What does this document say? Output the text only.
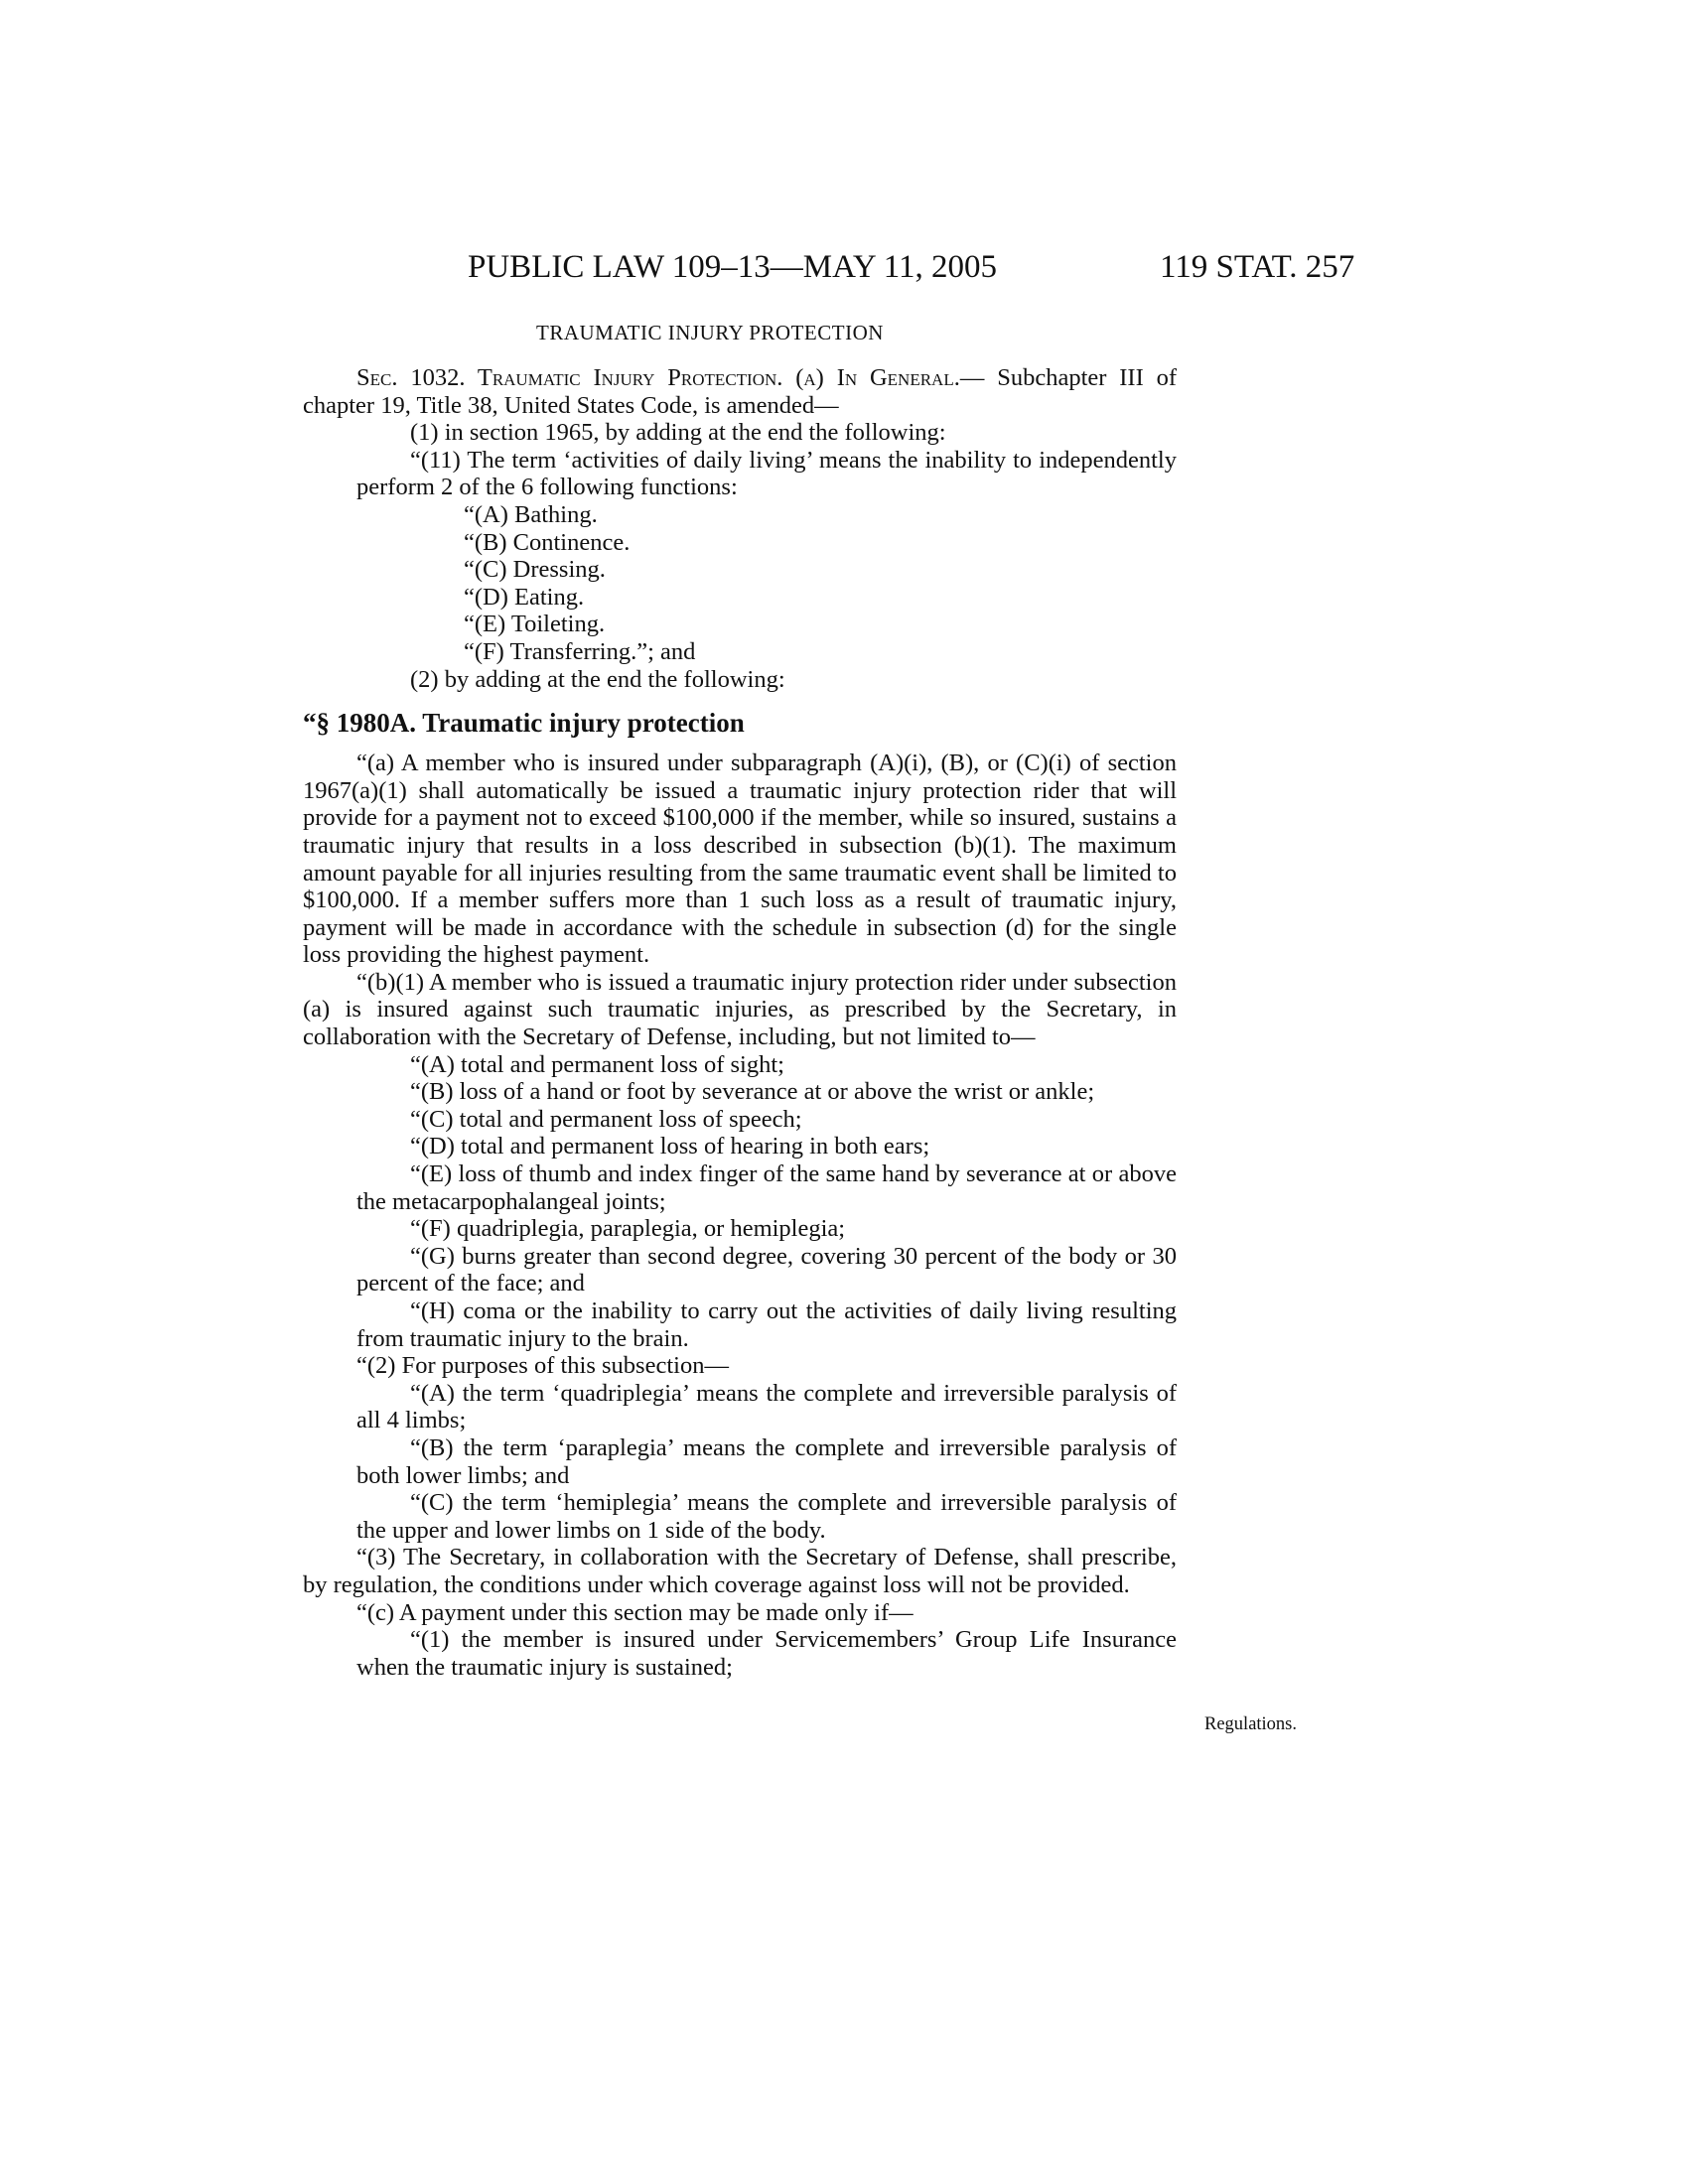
PUBLIC LAW 109–13—MAY 11, 2005	119 STAT. 257
TRAUMATIC INJURY PROTECTION

Sec. 1032. Traumatic Injury Protection. (a) In General.— Subchapter III of chapter 19, Title 38, United States Code, is amended—

(1) in section 1965, by adding at the end the following:

“(11) The term ‘activities of daily living’ means the inability to independently perform 2 of the 6 following functions:

“(A) Bathing.

“(B) Continence.

“(C) Dressing.

“(D) Eating.

“(E) Toileting.

“(F) Transferring.”; and

(2) by adding at the end the following:

“§ 1980A. Traumatic injury protection

“(a) A member who is insured under subparagraph (A)(i), (B), or (C)(i) of section 1967(a)(1) shall automatically be issued a traumatic injury protection rider that will provide for a payment not to exceed $100,000 if the member, while so insured, sustains a traumatic injury that results in a loss described in subsection (b)(1). The maximum amount payable for all injuries resulting from the same traumatic event shall be limited to $100,000. If a member suffers more than 1 such loss as a result of traumatic injury, payment will be made in accordance with the schedule in subsection (d) for the single loss providing the highest payment.

“(b)(1) A member who is issued a traumatic injury protection rider under subsection (a) is insured against such traumatic injuries, as prescribed by the Secretary, in collaboration with the Secretary of Defense, including, but not limited to—

“(A) total and permanent loss of sight;

“(B) loss of a hand or foot by severance at or above the wrist or ankle;

“(C) total and permanent loss of speech;

“(D) total and permanent loss of hearing in both ears;

“(E) loss of thumb and index finger of the same hand by severance at or above the metacarpophalangeal joints;

“(F) quadriplegia, paraplegia, or hemiplegia;

“(G) burns greater than second degree, covering 30 percent of the body or 30 percent of the face; and

“(H) coma or the inability to carry out the activities of daily living resulting from traumatic injury to the brain.

“(2) For purposes of this subsection—

“(A) the term ‘quadriplegia’ means the complete and irreversible paralysis of all 4 limbs;

“(B) the term ‘paraplegia’ means the complete and irreversible paralysis of both lower limbs; and

“(C) the term ‘hemiplegia’ means the complete and irreversible paralysis of the upper and lower limbs on 1 side of the body.

“(3) The Secretary, in collaboration with the Secretary of Defense, shall prescribe, by regulation, the conditions under which coverage against loss will not be provided.

“(c) A payment under this section may be made only if—

“(1) the member is insured under Servicemembers’ Group Life Insurance when the traumatic injury is sustained;

Regulations.
